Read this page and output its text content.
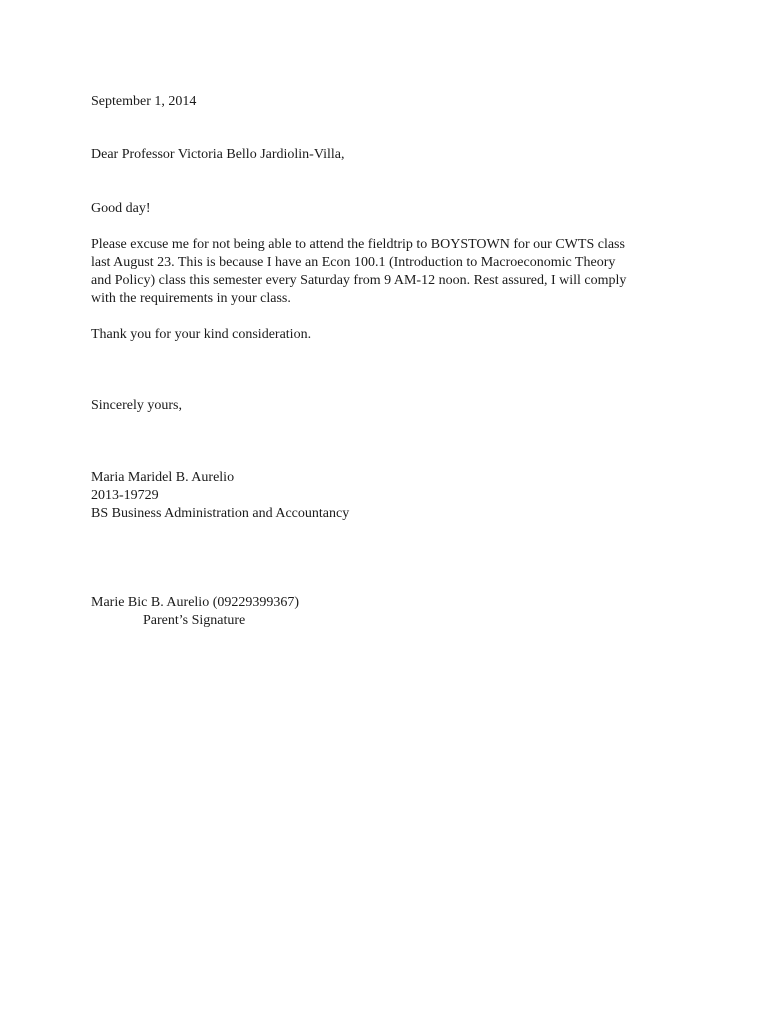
September 1, 2014

Dear Professor Victoria Bello Jardiolin-Villa,

Good day!

Please excuse me for not being able to attend the fieldtrip to BOYSTOWN for our CWTS class

last August 23. This is because I have an Econ 100.1 (Introduction to Macroeconomic Theory

and Policy) class this semester every Saturday from 9 AM-12 noon. Rest assured, I will comply

with the requirements in your class.

Thank you for your kind consideration.

Sincerely yours,

Maria Maridel B. Aurelio

2013-19729

BS Business Administration and Accountancy

Marie Bic B. Aurelio (09229399367)

Parent’s Signature
